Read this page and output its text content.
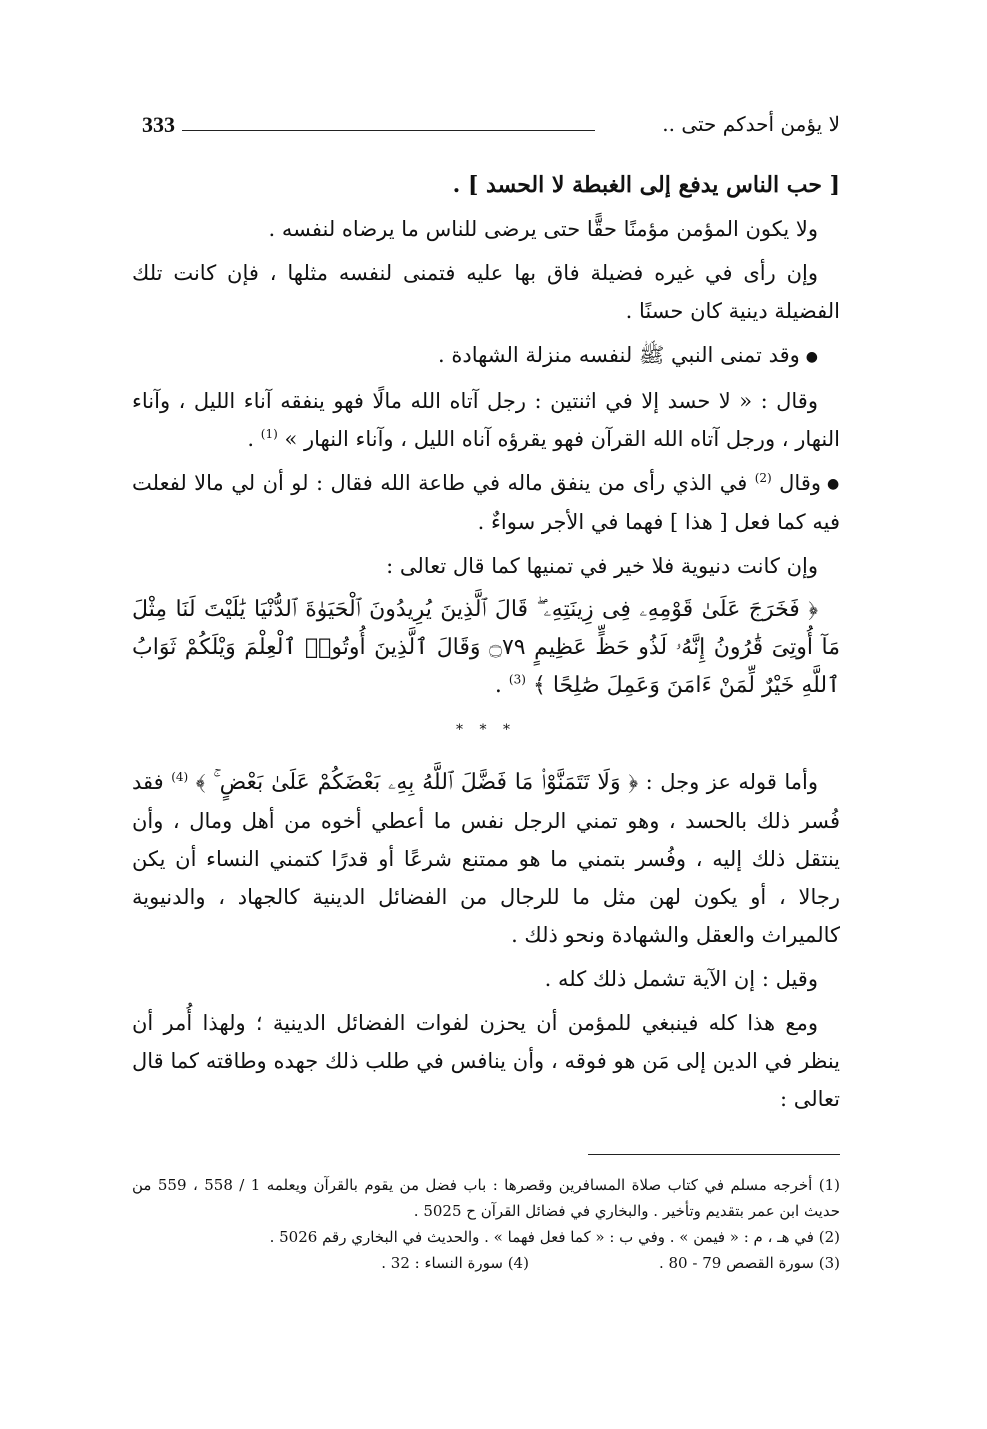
333	لا يؤمن أحدكم حتى ..

[ حب الناس يدفع إلى الغبطة لا الحسد ] .

ولا يكون المؤمن مؤمنًا حقًّا حتى يرضى للناس ما يرضاه لنفسه .

وإن رأى في غيره فضيلة فاق بها عليه فتمنى لنفسه مثلها ، فإن كانت تلك الفضيلة دينية كان حسنًا .

●وقد تمنى النبي ﷺ لنفسه منزلة الشهادة .

وقال : « لا حسد إلا في اثنتين : رجل آتاه الله مالًا فهو ينفقه آناء الليل ، وآناء النهار ، ورجل آتاه الله القرآن فهو يقرؤه آناه الليل ، وآناء النهار » $^{(1)}$ .

●وقال $^{(2)}$ في الذي رأى من ينفق ماله في طاعة الله فقال : لو أن لي مالا لفعلت فيه كما فعل [ هذا ] فهما في الأجر سواءٌ .

وإن كانت دنيوية فلا خير في تمنيها كما قال تعالى :

﴿ فَخَرَجَ عَلَىٰ قَوْمِهِۦ فِى زِينَتِهِۦ ۖ قَالَ ٱلَّذِينَ يُرِيدُونَ ٱلْحَيَوٰةَ ٱلدُّنْيَا يَٰلَيْتَ لَنَا مِثْلَ مَآ أُوتِىَ قَٰرُونُ إِنَّهُۥ لَذُو حَظٍّ عَظِيمٍ ۝٧٩ وَقَالَ ٱلَّذِينَ أُوتُوا۟ ٱلْعِلْمَ وَيْلَكُمْ ثَوَابُ ٱللَّهِ خَيْرٌ لِّمَنْ ءَامَنَ وَعَمِلَ صَٰلِحًا ﴾ $^{(3)}$ .

* * *

وأما قوله عز وجل : ﴿ وَلَا تَتَمَنَّوْا۟ مَا فَضَّلَ ٱللَّهُ بِهِۦ بَعْضَكُمْ عَلَىٰ بَعْضٍ ۚ ﴾ $^{(4)}$ فقد فُسر ذلك بالحسد ، وهو تمني الرجل نفس ما أعطي أخوه من أهل ومال ، وأن ينتقل ذلك إليه ، وفُسر بتمني ما هو ممتنع شرعًا أو قدرًا كتمني النساء أن يكن رجالا ، أو يكون لهن مثل ما للرجال من الفضائل الدينية كالجهاد ، والدنيوية كالميراث والعقل والشهادة ونحو ذلك .

وقيل : إن الآية تشمل ذلك كله .

ومع هذا كله فينبغي للمؤمن أن يحزن لفوات الفضائل الدينية ؛ ولهذا أُمر أن ينظر في الدين إلى مَن هو فوقه ، وأن ينافس في طلب ذلك جهده وطاقته كما قال تعالى :

(1) أخرجه مسلم في كتاب صلاة المسافرين وقصرها : باب فضل من يقوم بالقرآن ويعلمه 1 / 558 ، 559 من حديث ابن عمر بتقديم وتأخير . والبخاري في فضائل القرآن ح 5025 .

(2) في هـ ، م : « فيمن » . وفي ب : « كما فعل فهما » . والحديث في البخاري رقم 5026 .

(3) سورة القصص 79 - 80 .
(4) سورة النساء : 32 .
